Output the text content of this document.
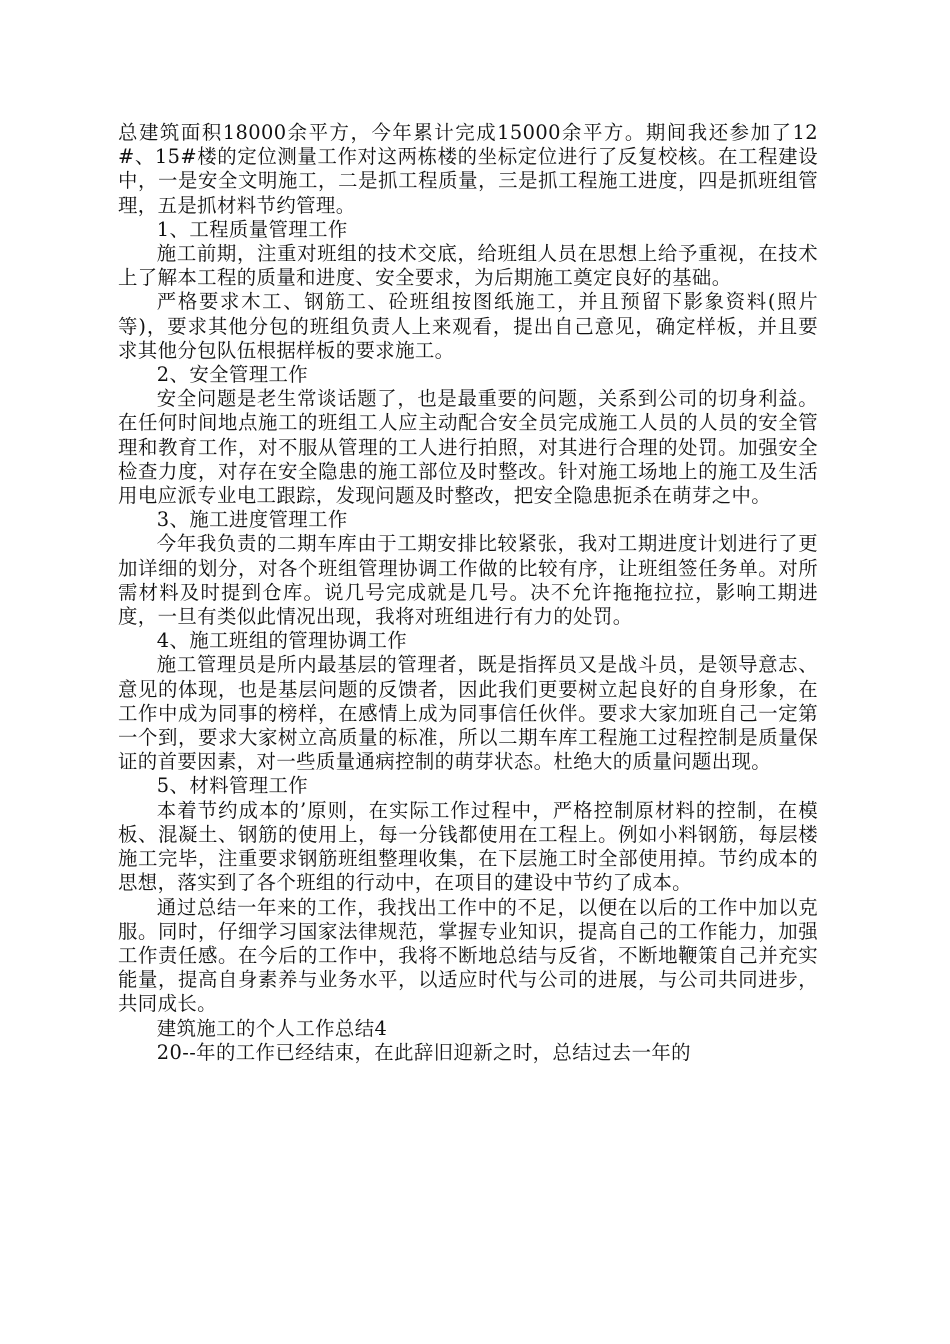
总建筑面积18000余平方，今年累计完成15000余平方。期间我还参加了12#、15#楼的定位测量工作对这两栋楼的坐标定位进行了反复校核。在工程建设中，一是安全文明施工，二是抓工程质量，三是抓工程施工进度，四是抓班组管理，五是抓材料节约管理。

1、工程质量管理工作

施工前期，注重对班组的技术交底，给班组人员在思想上给予重视，在技术上了解本工程的质量和进度、安全要求，为后期施工奠定良好的基础。

严格要求木工、钢筋工、砼班组按图纸施工，并且预留下影象资料(照片等)，要求其他分包的班组负责人上来观看，提出自己意见，确定样板，并且要求其他分包队伍根据样板的要求施工。

2、安全管理工作

安全问题是老生常谈话题了，也是最重要的问题，关系到公司的切身利益。在任何时间地点施工的班组工人应主动配合安全员完成施工人员的人员的安全管理和教育工作，对不服从管理的工人进行拍照，对其进行合理的处罚。加强安全检查力度，对存在安全隐患的施工部位及时整改。针对施工场地上的施工及生活用电应派专业电工跟踪，发现问题及时整改，把安全隐患扼杀在萌芽之中。

3、施工进度管理工作

今年我负责的二期车库由于工期安排比较紧张，我对工期进度计划进行了更加详细的划分，对各个班组管理协调工作做的比较有序，让班组签任务单。对所需材料及时提到仓库。说几号完成就是几号。决不允许拖拖拉拉，影响工期进度，一旦有类似此情况出现，我将对班组进行有力的处罚。

4、施工班组的管理协调工作

施工管理员是所内最基层的管理者，既是指挥员又是战斗员，是领导意志、意见的体现，也是基层问题的反馈者，因此我们更要树立起良好的自身形象，在工作中成为同事的榜样，在感情上成为同事信任伙伴。要求大家加班自己一定第一个到，要求大家树立高质量的标准，所以二期车库工程施工过程控制是质量保证的首要因素，对一些质量通病控制的萌芽状态。杜绝大的质量问题出现。

5、材料管理工作

本着节约成本的’原则，在实际工作过程中，严格控制原材料的控制，在模板、混凝土、钢筋的使用上，每一分钱都使用在工程上。例如小料钢筋，每层楼施工完毕，注重要求钢筋班组整理收集，在下层施工时全部使用掉。节约成本的思想，落实到了各个班组的行动中，在项目的建设中节约了成本。

通过总结一年来的工作，我找出工作中的不足，以便在以后的工作中加以克服。同时，仔细学习国家法律规范，掌握专业知识，提高自己的工作能力，加强工作责任感。在今后的工作中，我将不断地总结与反省，不断地鞭策自己并充实能量，提高自身素养与业务水平，以适应时代与公司的进展，与公司共同进步，共同成长。

建筑施工的个人工作总结4

20--年的工作已经结束，在此辞旧迎新之时，总结过去一年的
